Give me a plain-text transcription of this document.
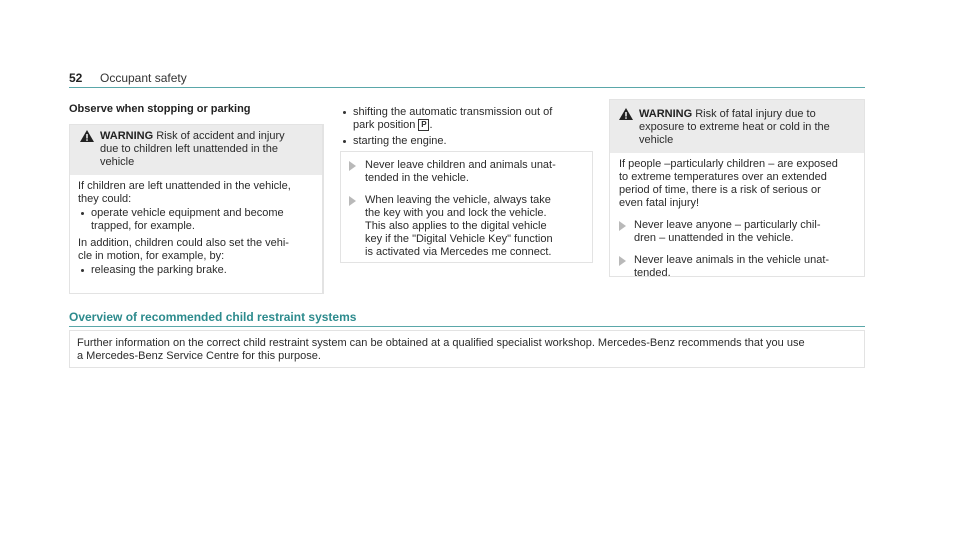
52 Occupant safety
Observe when stopping or parking
WARNING Risk of accident and injury
due to children left unattended in the
vehicle
If children are left unattended in the vehicle,
they could:
operate vehicle equipment and become
trapped, for example.
In addition, children could also set the vehi-
cle in motion, for example, by:
releasing the parking brake.
shifting the automatic transmission out of
park position P .
starting the engine.
Never leave children and animals unat-
tended in the vehicle.
When leaving the vehicle, always take
the key with you and lock the vehicle.
This also applies to the digital vehicle
key if the "Digital Vehicle Key" function
is activated via Mercedes me connect.
WARNING Risk of fatal injury due to
exposure to extreme heat or cold in the
vehicle
If people –particularly children – are exposed
to extreme temperatures over an extended
period of time, there is a risk of serious or
even fatal injury!
Never leave anyone – particularly chil-
dren – unattended in the vehicle.
Never leave animals in the vehicle unat-
tended.
Overview of recommended child restraint systems
Further information on the correct child restraint system can be obtained at a qualified specialist workshop. Mercedes-Benz recommends that you use
a Mercedes-Benz Service Centre for this purpose.
